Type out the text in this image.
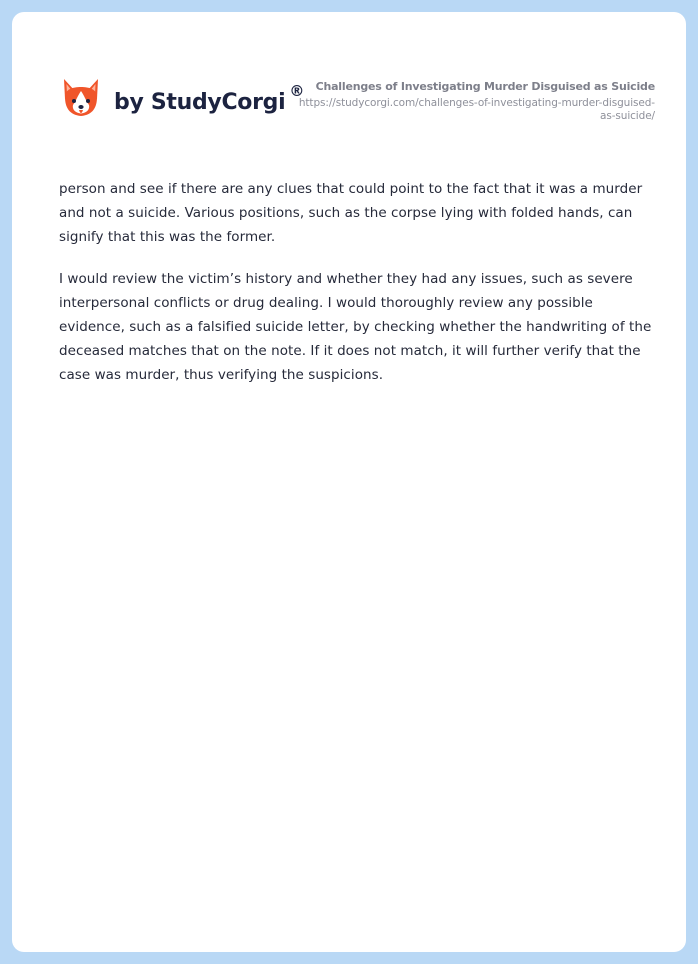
by StudyCorgi ®	Challenges of Investigating Murder Disguised as Suicide
https://studycorgi.com/challenges-of-investigating-murder-disguised-as-suicide/

person and see if there are any clues that could point to the fact that it was a murder and not a suicide. Various positions, such as the corpse lying with folded hands, can signify that this was the former.

I would review the victim’s history and whether they had any issues, such as severe interpersonal conflicts or drug dealing. I would thoroughly review any possible evidence, such as a falsified suicide letter, by checking whether the handwriting of the deceased matches that on the note. If it does not match, it will further verify that the case was murder, thus verifying the suspicions.
